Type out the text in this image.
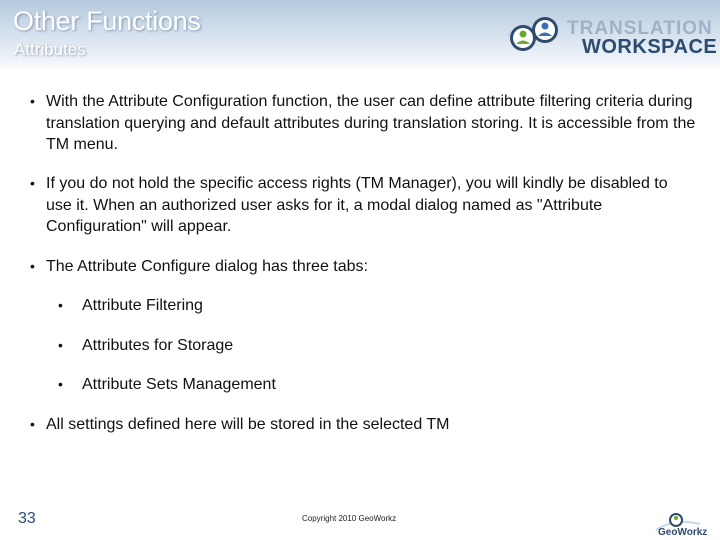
Other Functions
Attributes
TRANSLATION
WORKSPACE
• With the Attribute Configuration function, the user can define attribute filtering criteria during translation querying and default attributes during translation storing. It is accessible from the TM menu.
• If you do not hold the specific access rights (TM Manager), you will kindly be disabled to use it. When an authorized user asks for it, a modal dialog named as "Attribute Configuration" will appear.
• The Attribute Configure dialog has three tabs:
• Attribute Filtering
• Attributes for Storage
• Attribute Sets Management
• All settings defined here will be stored in the selected TM
33	Copyright 2010 GeoWorkz
GeoWorkz
